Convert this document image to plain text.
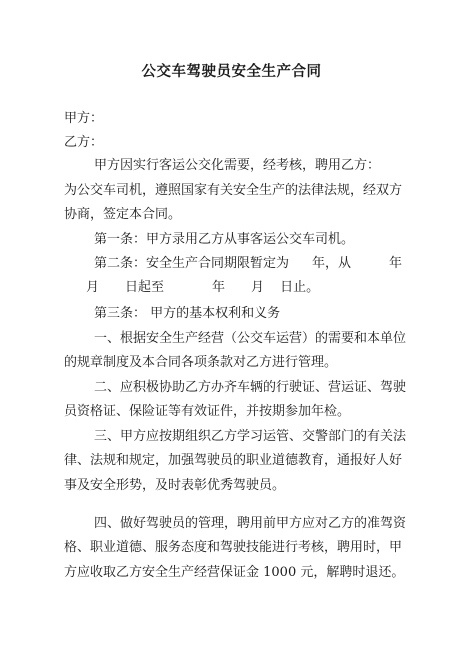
公交车驾驶员安全生产合同
甲方：
乙方：
甲方因实行客运公交化需要，经考核，聘用乙方：
为公交车司机，遵照国家有关安全生产的法律法规，经双方
协商，签定本合同。
第一条：甲方录用乙方从事客运公交车司机。
第二条：安全生产合同期限暂定为 年，从	年
月 日起至	年 月 日止。
第三条： 甲方的基本权利和义务
一、根据安全生产经营（公交车运营）的需要和本单位
的规章制度及本合同各项条款对乙方进行管理。
二、应积极协助乙方办齐车辆的行驶证、营运证、驾驶
员资格证、保险证等有效证件，并按期参加年检。
三、甲方应按期组织乙方学习运管、交警部门的有关法
律、法规和规定，加强驾驶员的职业道德教育，通报好人好
事及安全形势，及时表彰优秀驾驶员。
四、做好驾驶员的管理，聘用前甲方应对乙方的准驾资
格、职业道德、服务态度和驾驶技能进行考核，聘用时，甲
方应收取乙方安全生产经营保证金 1000 元，解聘时退还。
